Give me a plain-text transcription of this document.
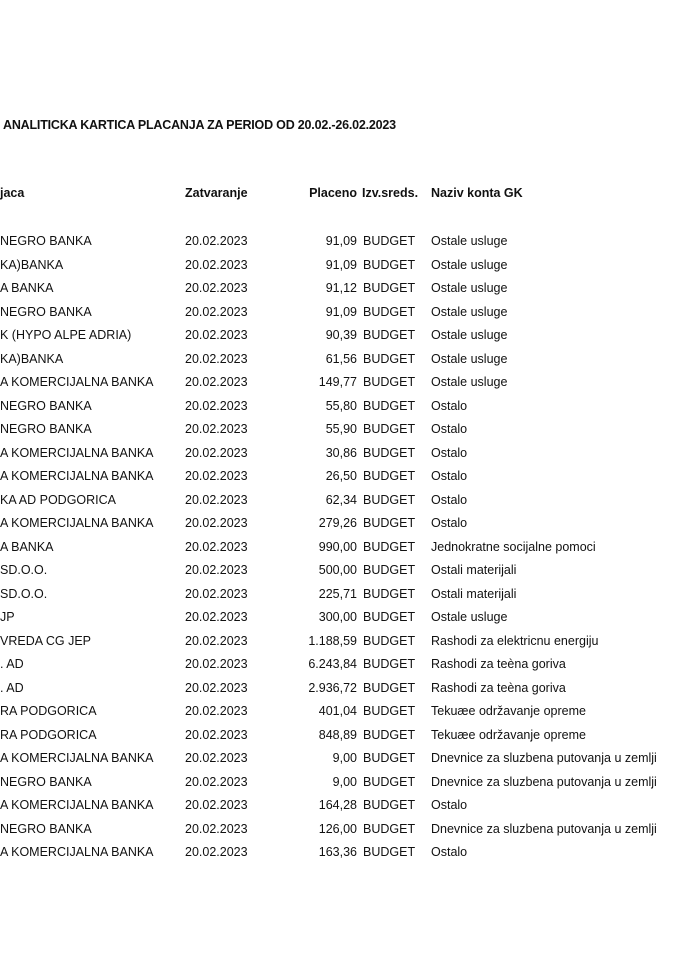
ANALITICKA KARTICA PLACANJA ZA PERIOD OD 20.02.-26.02.2023
jaca	Zatvaranje	Placeno Izv.sreds. Naziv konta GK
NEGRO BANKA	20.02.2023	91,09 BUDGET Ostale usluge
KA)BANKA	20.02.2023	91,09 BUDGET Ostale usluge
A BANKA	20.02.2023	91,12 BUDGET Ostale usluge
NEGRO BANKA	20.02.2023	91,09 BUDGET Ostale usluge
K (HYPO ALPE ADRIA)	20.02.2023	90,39 BUDGET Ostale usluge
KA)BANKA	20.02.2023	61,56 BUDGET Ostale usluge
A KOMERCIJALNA BANKA	20.02.2023	149,77 BUDGET Ostale usluge
NEGRO BANKA	20.02.2023	55,80 BUDGET Ostalo
NEGRO BANKA	20.02.2023	55,90 BUDGET Ostalo
A KOMERCIJALNA BANKA	20.02.2023	30,86 BUDGET Ostalo
A KOMERCIJALNA BANKA	20.02.2023	26,50 BUDGET Ostalo
KA AD PODGORICA	20.02.2023	62,34 BUDGET Ostalo
A KOMERCIJALNA BANKA	20.02.2023	279,26 BUDGET Ostalo
A BANKA	20.02.2023	990,00 BUDGET Jednokratne socijalne pomoci
SD.O.O.	20.02.2023	500,00 BUDGET Ostali materijali
SD.O.O.	20.02.2023	225,71 BUDGET Ostali materijali
JP	20.02.2023	300,00 BUDGET Ostale usluge
VREDA CG JEP	20.02.2023	1.188,59 BUDGET Rashodi za elektricnu energiju
. AD	20.02.2023	6.243,84 BUDGET Rashodi za teèna goriva
. AD	20.02.2023	2.936,72 BUDGET Rashodi za teèna goriva
RA PODGORICA	20.02.2023	401,04 BUDGET Tekuæe održavanje opreme
RA PODGORICA	20.02.2023	848,89 BUDGET Tekuæe održavanje opreme
A KOMERCIJALNA BANKA	20.02.2023	9,00 BUDGET Dnevnice za sluzbena putovanja u zemlji
NEGRO BANKA	20.02.2023	9,00 BUDGET Dnevnice za sluzbena putovanja u zemlji
A KOMERCIJALNA BANKA	20.02.2023	164,28 BUDGET Ostalo
NEGRO BANKA	20.02.2023	126,00 BUDGET Dnevnice za sluzbena putovanja u zemlji
A KOMERCIJALNA BANKA	20.02.2023	163,36 BUDGET Ostalo
